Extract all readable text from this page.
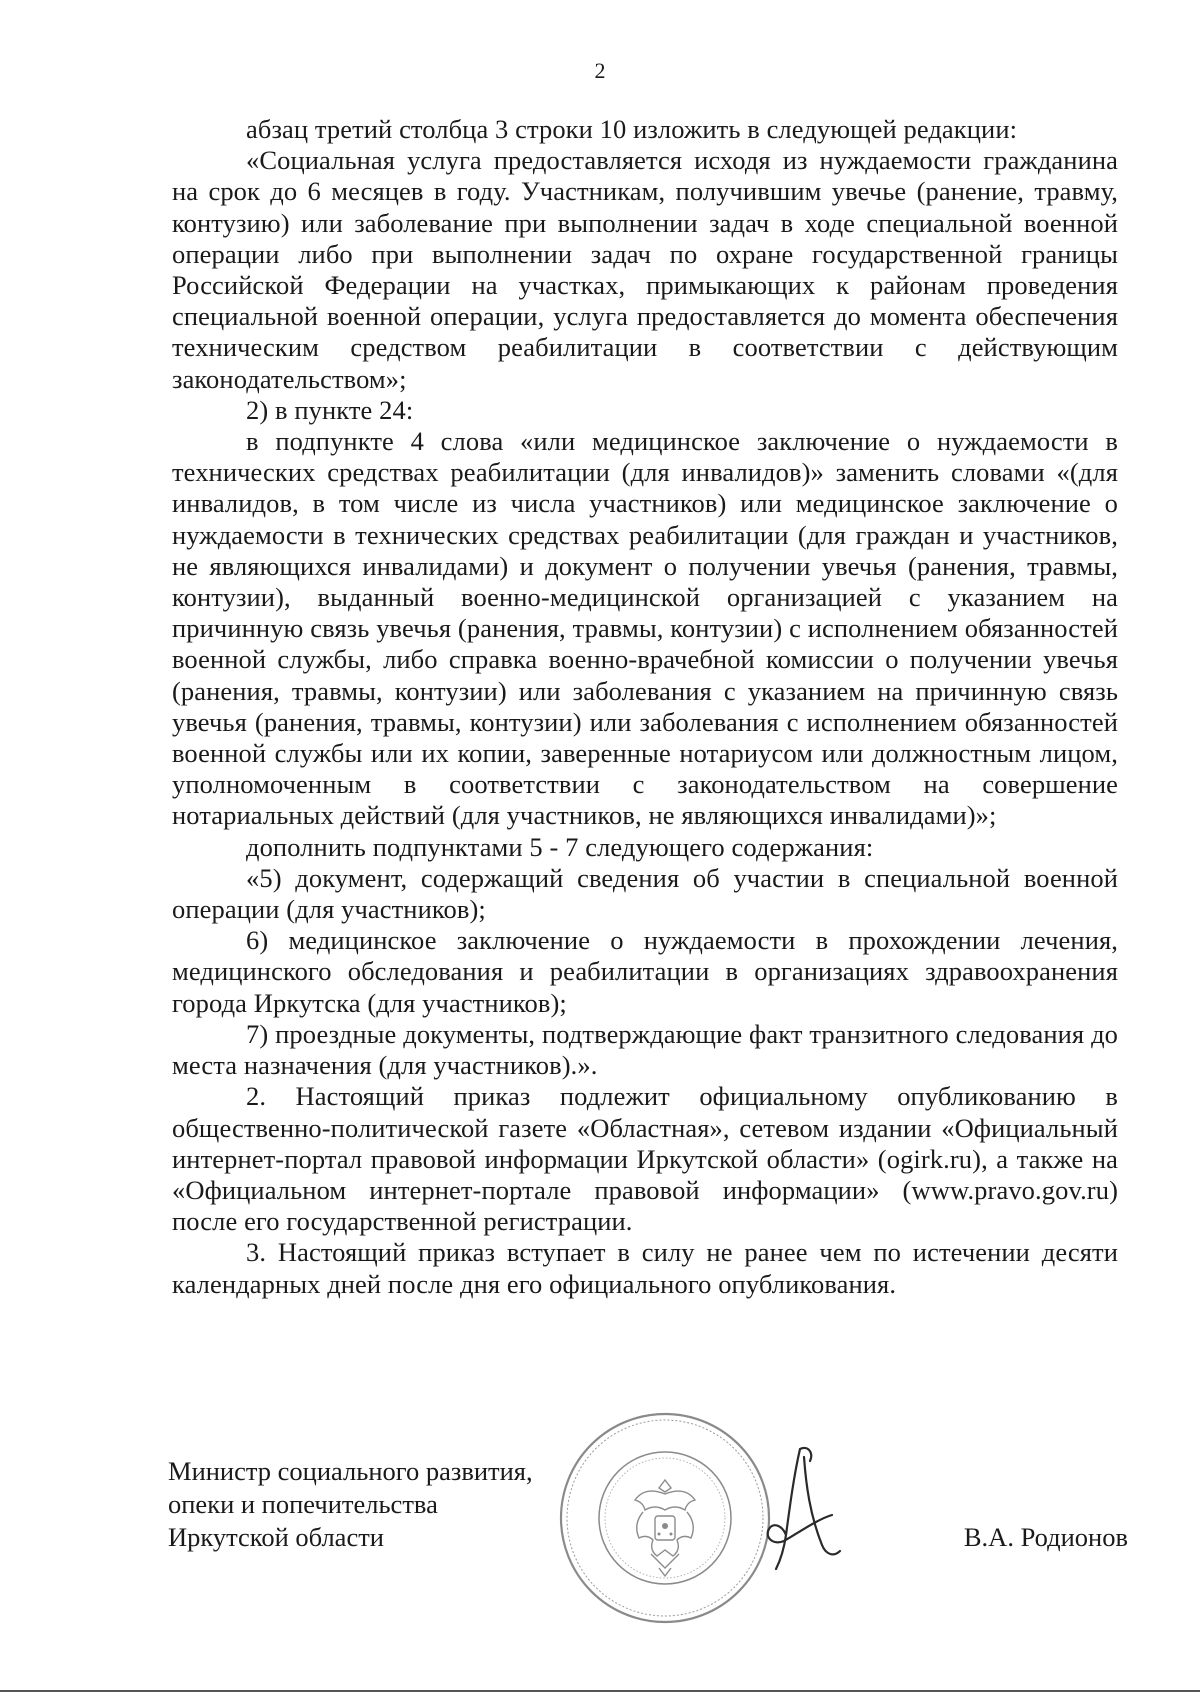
2

абзац третий столбца 3 строки 10 изложить в следующей редакции:

«Социальная услуга предоставляется исходя из нуждаемости гражданина на срок до 6 месяцев в году. Участникам, получившим увечье (ранение, травму, контузию) или заболевание при выполнении задач в ходе специальной военной операции либо при выполнении задач по охране государственной границы Российской Федерации на участках, примыкающих к районам проведения специальной военной операции, услуга предоставляется до момента обеспечения техническим средством реабилитации в соответствии с действующим законодательством»;

2) в пункте 24:

в подпункте 4 слова «или медицинское заключение о нуждаемости в технических средствах реабилитации (для инвалидов)» заменить словами «(для инвалидов, в том числе из числа участников) или медицинское заключение о нуждаемости в технических средствах реабилитации (для граждан и участников, не являющихся инвалидами) и документ о получении увечья (ранения, травмы, контузии), выданный военно-медицинской организацией с указанием на причинную связь увечья (ранения, травмы, контузии) с исполнением обязанностей военной службы, либо справка военно-врачебной комиссии о получении увечья (ранения, травмы, контузии) или заболевания с указанием на причинную связь увечья (ранения, травмы, контузии) или заболевания с исполнением обязанностей военной службы или их копии, заверенные нотариусом или должностным лицом, уполномоченным в соответствии с законодательством на совершение нотариальных действий (для участников, не являющихся инвалидами)»;

дополнить подпунктами 5 - 7 следующего содержания:

«5) документ, содержащий сведения об участии в специальной военной операции (для участников);

6) медицинское заключение о нуждаемости в прохождении лечения, медицинского обследования и реабилитации в организациях здравоохранения города Иркутска (для участников);

7) проездные документы, подтверждающие факт транзитного следования до места назначения (для участников).».

2. Настоящий приказ подлежит официальному опубликованию в общественно-политической газете «Областная», сетевом издании «Официальный интернет-портал правовой информации Иркутской области» (ogirk.ru), а также на «Официальном интернет-портале правовой информации» (www.pravo.gov.ru) после его государственной регистрации.

3. Настоящий приказ вступает в силу не ранее чем по истечении десяти календарных дней после дня его официального опубликования.

Министр социального развития,
опеки и попечительства
Иркутской области	В.А. Родионов
